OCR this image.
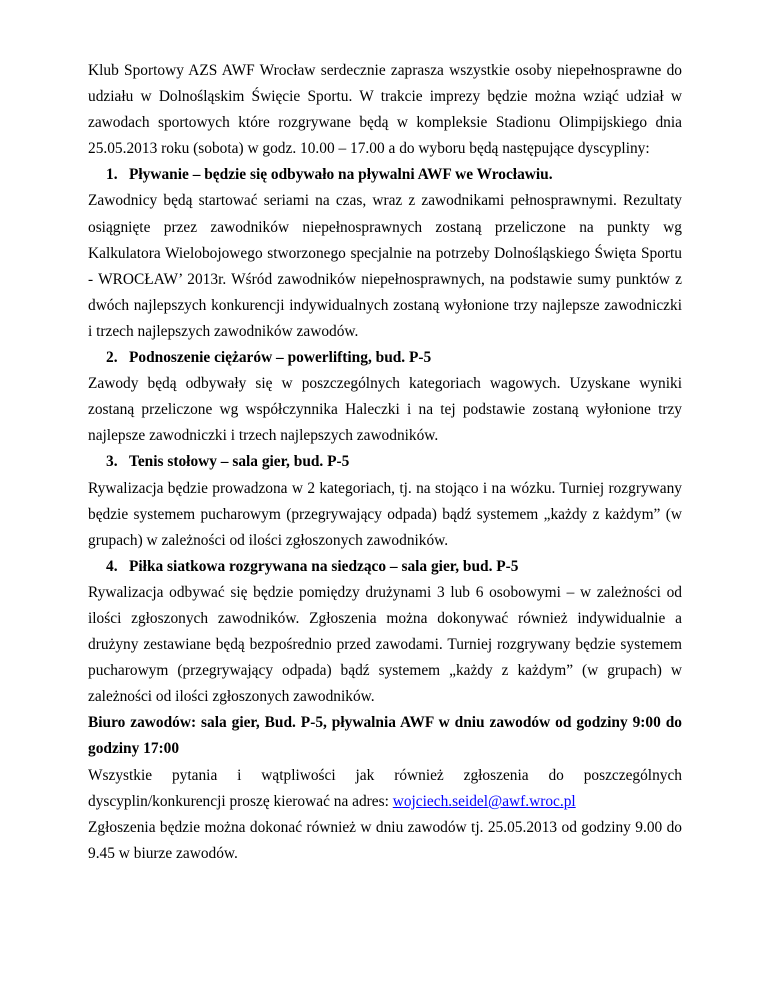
Klub Sportowy AZS AWF Wrocław serdecznie zaprasza wszystkie osoby niepełnosprawne do udziału w Dolnośląskim Święcie Sportu. W trakcie imprezy będzie można wziąć udział w zawodach sportowych które rozgrywane będą w kompleksie Stadionu Olimpijskiego dnia 25.05.2013 roku (sobota) w godz. 10.00 – 17.00 a do wyboru będą następujące dyscypliny:

1. Pływanie – będzie się odbywało na pływalni AWF we Wrocławiu.

Zawodnicy będą startować seriami na czas, wraz z zawodnikami pełnosprawnymi. Rezultaty osiągnięte przez zawodników niepełnosprawnych zostaną przeliczone na punkty wg Kalkulatora Wielobojowego stworzonego specjalnie na potrzeby Dolnośląskiego Święta Sportu - WROCŁAW’ 2013r. Wśród zawodników niepełnosprawnych, na podstawie sumy punktów z dwóch najlepszych konkurencji indywidualnych zostaną wyłonione trzy najlepsze zawodniczki i trzech najlepszych zawodników zawodów.

2. Podnoszenie ciężarów – powerlifting, bud. P-5

Zawody będą odbywały się w poszczególnych kategoriach wagowych. Uzyskane wyniki zostaną przeliczone wg współczynnika Haleczki i na tej podstawie zostaną wyłonione trzy najlepsze zawodniczki i trzech najlepszych zawodników.

3. Tenis stołowy – sala gier, bud. P-5

Rywalizacja będzie prowadzona w 2 kategoriach, tj. na stojąco i na wózku. Turniej rozgrywany będzie systemem pucharowym (przegrywający odpada) bądź systemem „każdy z każdym” (w grupach) w zależności od ilości zgłoszonych zawodników.

4. Piłka siatkowa rozgrywana na siedząco – sala gier, bud. P-5

Rywalizacja odbywać się będzie pomiędzy drużynami 3 lub 6 osobowymi – w zależności od ilości zgłoszonych zawodników. Zgłoszenia można dokonywać również indywidualnie a drużyny zestawiane będą bezpośrednio przed zawodami. Turniej rozgrywany będzie systemem pucharowym (przegrywający odpada) bądź systemem „każdy z każdym” (w grupach) w zależności od ilości zgłoszonych zawodników.

Biuro zawodów: sala gier, Bud. P-5, pływalnia AWF w dniu zawodów od godziny 9:00 do godziny 17:00

Wszystkie pytania i wątpliwości jak również zgłoszenia do poszczególnych dyscyplin/konkurencji proszę kierować na adres: wojciech.seidel@awf.wroc.pl

Zgłoszenia będzie można dokonać również w dniu zawodów tj. 25.05.2013 od godziny 9.00 do 9.45 w biurze zawodów.
